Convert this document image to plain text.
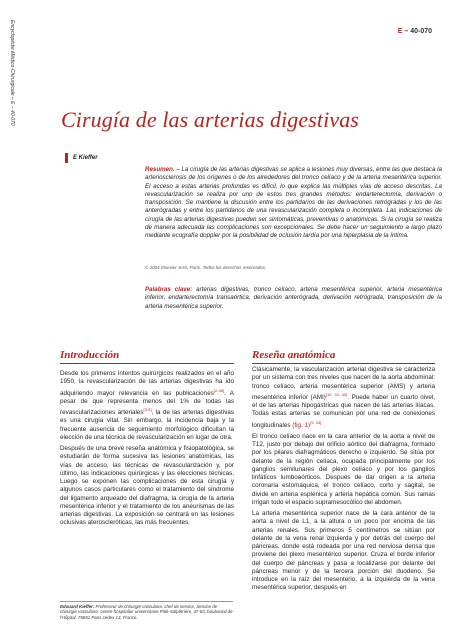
Encyclopédie Médico-Chirurgicale – E – 40-070	E – 40-070
Cirugía de las arterias digestivas
E Kieffer
Resumen. – La cirugía de las arterias digestivas se aplica a lesiones muy diversas, entre las que destaca la arteriosclerosis de los orígenes o de los alrededores del tronco celíaco y de la arteria mesentérica superior. El acceso a estas arterias profundas es difícil, lo que explica las múltiples vías de acceso descritas. La revascularización se realiza por uno de estos tres grandes métodos: endarterectomía, derivación o transposición. Se mantiene la discusión entre los partidarios de las derivaciones retrógradas y los de las anterógradas y entre los partidarios de una revascularización completa o incompleta. Las indicaciones de cirugía de las arterias digestivas pueden ser sintomáticas, preventivas o anatómicas. Si la cirugía se realiza de manera adecuada las complicaciones son excepcionales. Se debe hacer un seguimiento a largo plazo mediante ecografía doppler por la posibilidad de oclusión tardía por una hiperplasia de la íntima.
© 2004 Elsevier SAS, París. Todos los derechos reservados.
Palabras clave: arterias digestivas, tronco celíaco, arteria mesentérica superior, arteria mesentérica inferior, endarterectomía transaórtica, derivación anterógrada, derivación retrógrada, transposición de la arteria mesentérica superior.
Introducción

Desde los primeros intentos quirúrgicos realizados en el año 1950, la revascularización de las arterias digestivas ha ido adquiriendo mayor relevancia en las publicaciones[2-38]. A pesar de que representa menos del 1% de todas las revascularizaciones arteriales[3-5], la de las arterias digestivas es una cirugía vital. Sin embargo, la incidencia baja y la frecuente ausencia de seguimiento morfológico dificultan la elección de una técnica de revascularización en lugar de otra.

Después de una breve reseña anatómica y fisiopatológica, se estudiarán de forma sucesiva las lesiones anatómicas, las vías de acceso, las técnicas de revascularización y, por último, las indicaciones quirúrgicas y las elecciones técnicas. Luego se exponen las complicaciones de esta cirugía y algunos casos particulares como el tratamiento del síndrome del ligamento arqueado del diafragma, la cirugía de la arteria mesentérica inferior y el tratamiento de los aneurismas de las arterias digestivas. La exposición se centrará en las lesiones oclusivas ateroscleróticas, las más frecuentes.

Edouard Kieffer: Professeur de chirurgie vasculaire, chef de service, Service de chirurgie vasculaire, centre hospitalier universitaire Pitié-Salpêtrière, 47-83, boulevard de l'Hôpital, 75651 Paris cedex 13, France.
Reseña anatómica

Clásicamente, la vascularización arterial digestiva se caracteriza por un sistema con tres niveles que nacen de la aorta abdominal: tronco celíaco, arteria mesentérica superior (AMS) y arteria mesentérica inferior (AMI)[10, 33, 40]. Puede haber un cuarto nivel, el de las arterias hipogástricas que nacen de las arterias ilíacas. Todas estas arterias se comunican por una red de conexiones longitudinales (fig. 1)[9, 33]

El tronco celíaco nace en la cara anterior de la aorta a nivel de T12, justo por debajo del orificio aórtico del diafragma, formado por los pilares diafragmáticos derecho e izquierdo. Se sitúa por delante de la región celíaca, ocupada principalmente por los ganglios semilunares del plexo celíaco y por los ganglios linfáticos lumboaórticos. Después de dar origen a la arteria coronaria estomáquica, el tronco celíaco, corto y sagital, se divide en arteria esplénica y arteria hepática común. Sus ramas irrigan todo el espacio supramesocólico del abdomen.

La arteria mesentérica superior nace de la cara anterior de la aorta a nivel de L1, a la altura o un poco por encima de las arterias renales. Sus primeros 5 centímetros se sitúan por delante de la vena renal izquierda y por detrás del cuerpo del páncreas, donde está rodeada por una red nerviosa densa que proviene del plexo mesentérico superior. Cruza el borde inferior del cuerpo del páncreas y pasa a localizarse por delante del páncreas menor y de la tercera porción del duodeno. Se introduce en la raíz del mesenterio, a la izquierda de la vena mesentérica superior, después en
